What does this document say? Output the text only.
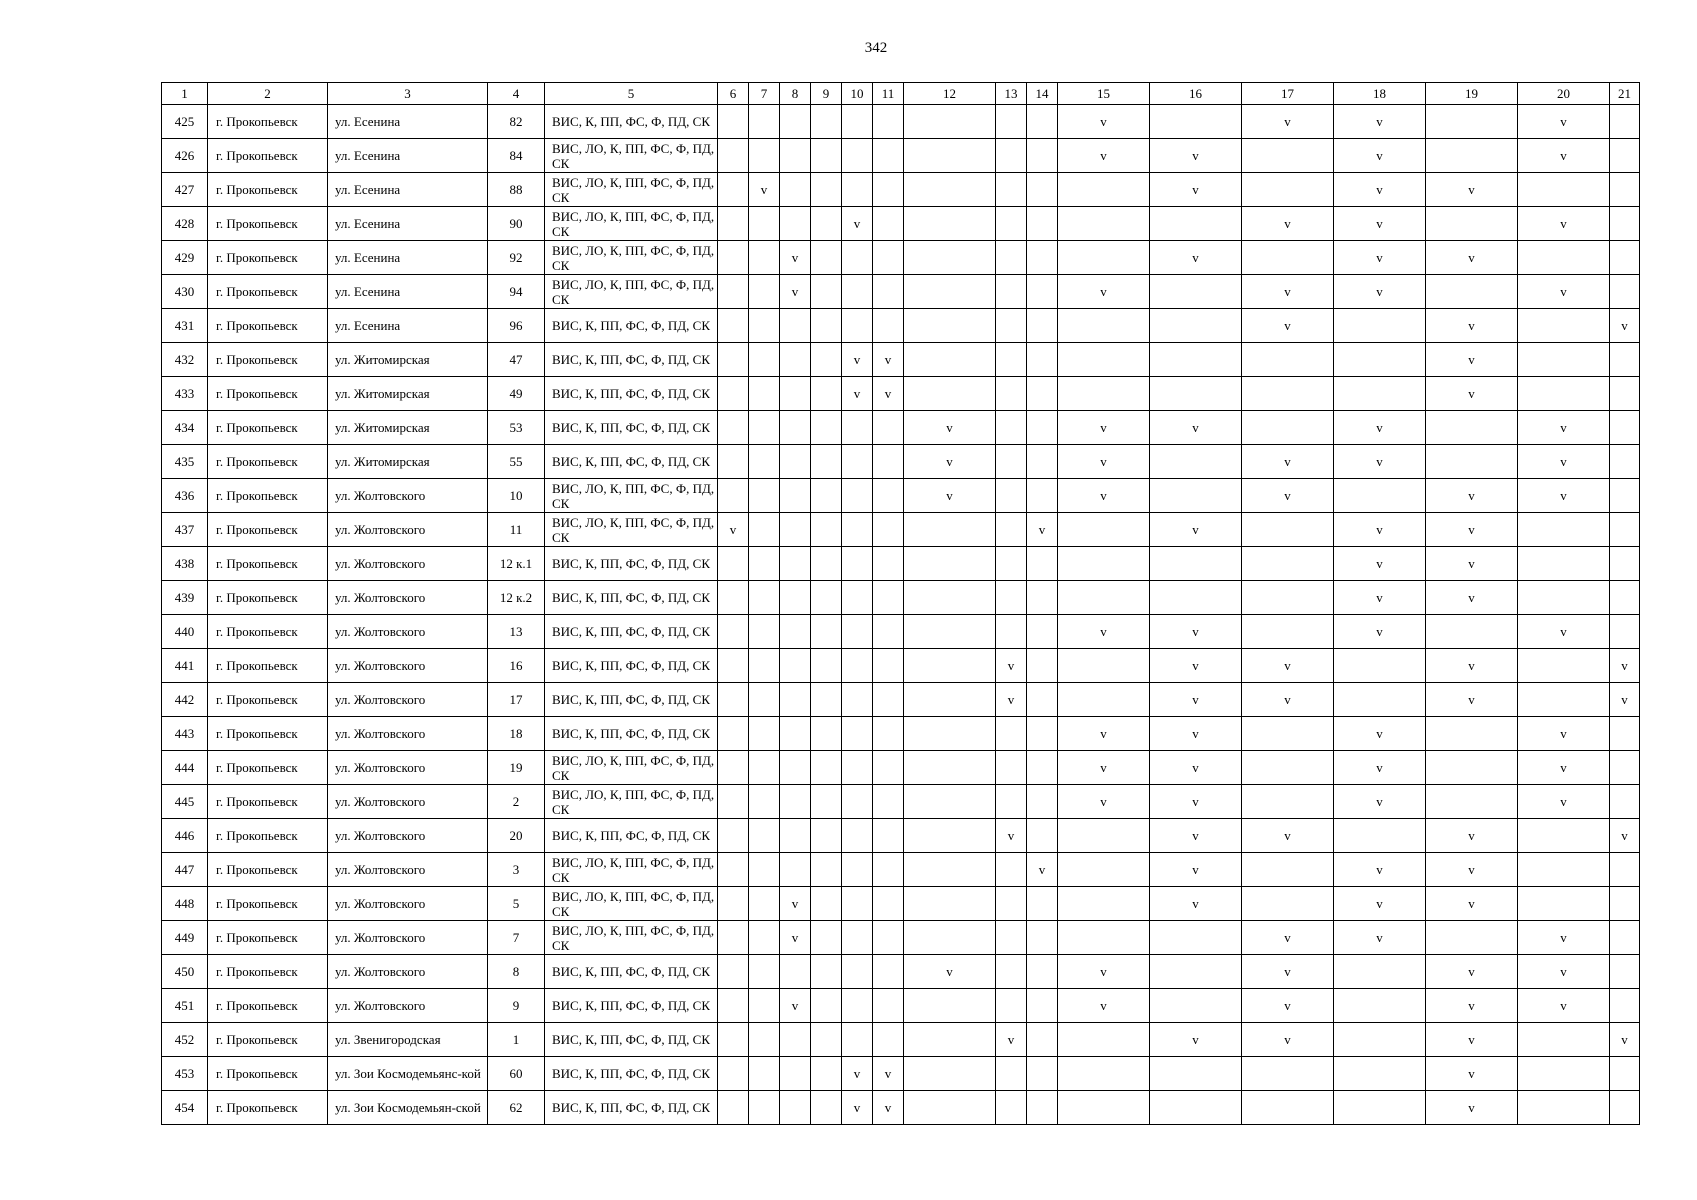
342
1	2	3	4	5	6	7	8	9	10	11	12	13	14	15	16	17	18	19	20	21
425	г. Прокопьевск	ул. Есенина	82	ВИС, К, ПП, ФС, Ф, ПД, СК										v		v	v		v	
426	г. Прокопьевск	ул. Есенина	84	ВИС, ЛО, К, ПП, ФС, Ф, ПД, СК										v	v		v		v	
427	г. Прокопьевск	ул. Есенина	88	ВИС, ЛО, К, ПП, ФС, Ф, ПД, СК		v									v		v	v		
428	г. Прокопьевск	ул. Есенина	90	ВИС, ЛО, К, ПП, ФС, Ф, ПД, СК					v							v	v		v	
429	г. Прокопьевск	ул. Есенина	92	ВИС, ЛО, К, ПП, ФС, Ф, ПД, СК			v								v		v	v		
430	г. Прокопьевск	ул. Есенина	94	ВИС, ЛО, К, ПП, ФС, Ф, ПД, СК			v							v		v	v		v	
431	г. Прокопьевск	ул. Есенина	96	ВИС, К, ПП, ФС, Ф, ПД, СК												v		v		v
432	г. Прокопьевск	ул. Житомирская	47	ВИС, К, ПП, ФС, Ф, ПД, СК					v	v								v		
433	г. Прокопьевск	ул. Житомирская	49	ВИС, К, ПП, ФС, Ф, ПД, СК					v	v								v		
434	г. Прокопьевск	ул. Житомирская	53	ВИС, К, ПП, ФС, Ф, ПД, СК							v			v	v		v		v	
435	г. Прокопьевск	ул. Житомирская	55	ВИС, К, ПП, ФС, Ф, ПД, СК							v			v		v	v		v	
436	г. Прокопьевск	ул. Жолтовского	10	ВИС, ЛО, К, ПП, ФС, Ф, ПД, СК							v			v		v		v	v	
437	г. Прокопьевск	ул. Жолтовского	11	ВИС, ЛО, К, ПП, ФС, Ф, ПД, СК	v								v		v		v	v		
438	г. Прокопьевск	ул. Жолтовского	12 к.1	ВИС, К, ПП, ФС, Ф, ПД, СК													v	v		
439	г. Прокопьевск	ул. Жолтовского	12 к.2	ВИС, К, ПП, ФС, Ф, ПД, СК													v	v		
440	г. Прокопьевск	ул. Жолтовского	13	ВИС, К, ПП, ФС, Ф, ПД, СК										v	v		v		v	
441	г. Прокопьевск	ул. Жолтовского	16	ВИС, К, ПП, ФС, Ф, ПД, СК								v			v	v		v		v
442	г. Прокопьевск	ул. Жолтовского	17	ВИС, К, ПП, ФС, Ф, ПД, СК								v			v	v		v		v
443	г. Прокопьевск	ул. Жолтовского	18	ВИС, К, ПП, ФС, Ф, ПД, СК										v	v		v		v	
444	г. Прокопьевск	ул. Жолтовского	19	ВИС, ЛО, К, ПП, ФС, Ф, ПД, СК										v	v		v		v	
445	г. Прокопьевск	ул. Жолтовского	2	ВИС, ЛО, К, ПП, ФС, Ф, ПД, СК										v	v		v		v	
446	г. Прокопьевск	ул. Жолтовского	20	ВИС, К, ПП, ФС, Ф, ПД, СК								v			v	v		v		v
447	г. Прокопьевск	ул. Жолтовского	3	ВИС, ЛО, К, ПП, ФС, Ф, ПД, СК									v		v		v	v		
448	г. Прокопьевск	ул. Жолтовского	5	ВИС, ЛО, К, ПП, ФС, Ф, ПД, СК			v								v		v	v		
449	г. Прокопьевск	ул. Жолтовского	7	ВИС, ЛО, К, ПП, ФС, Ф, ПД, СК			v									v	v		v	
450	г. Прокопьевск	ул. Жолтовского	8	ВИС, К, ПП, ФС, Ф, ПД, СК							v			v		v		v	v	
451	г. Прокопьевск	ул. Жолтовского	9	ВИС, К, ПП, ФС, Ф, ПД, СК			v							v		v		v	v	
452	г. Прокопьевск	ул. Звенигородская	1	ВИС, К, ПП, ФС, Ф, ПД, СК								v			v	v		v		v
453	г. Прокопьевск	ул. Зои Космодемьянс-кой	60	ВИС, К, ПП, ФС, Ф, ПД, СК					v	v								v		
454	г. Прокопьевск	ул. Зои Космодемьян-ской	62	ВИС, К, ПП, ФС, Ф, ПД, СК					v	v								v		
